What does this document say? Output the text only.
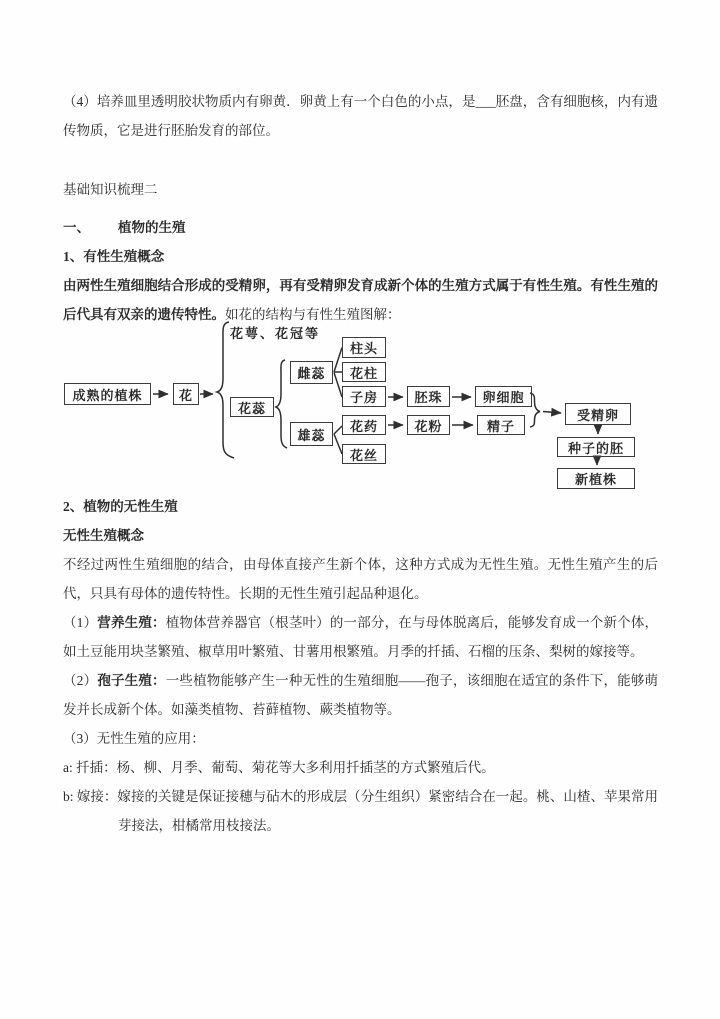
（4）培养皿里透明胶状物质内有卵黄．卵黄上有一个白色的小点，是___胚盘，含有细胞核，内有遗传物质，它是进行胚胎发育的部位。

基础知识梳理二

一、 植物的生殖

1、有性生殖概念

由两性生殖细胞结合形成的受精卵，再有受精卵发育成新个体的生殖方式属于有性生殖。有性生殖的后代具有双亲的遗传特性。如花的结构与有性生殖图解：

花萼、花冠等
成熟的植株	花
花蕊
雌蕊
雄蕊
柱头
花柱
子房
花药
花丝
胚珠	卵细胞
花粉	精子
受精卵
种子的胚
新植株

2、植物的无性生殖

无性生殖概念

不经过两性生殖细胞的结合，由母体直接产生新个体，这种方式成为无性生殖。无性生殖产生的后代，只具有母体的遗传特性。长期的无性生殖引起品种退化。

（1）营养生殖：植物体营养器官（根茎叶）的一部分，在与母体脱离后，能够发育成一个新个体，如土豆能用块茎繁殖、椒草用叶繁殖、甘薯用根繁殖。月季的扦插、石榴的压条、梨树的嫁接等。

（2）孢子生殖：一些植物能够产生一种无性的生殖细胞——孢子，该细胞在适宜的条件下，能够萌发并长成新个体。如藻类植物、苔藓植物、蕨类植物等。

（3）无性生殖的应用：

a: 扦插：杨、柳、月季、葡萄、菊花等大多利用扦插茎的方式繁殖后代。

b: 嫁接：嫁接的关键是保证接穗与砧木的形成层（分生组织）紧密结合在一起。桃、山楂、苹果常用芽接法，柑橘常用枝接法。
